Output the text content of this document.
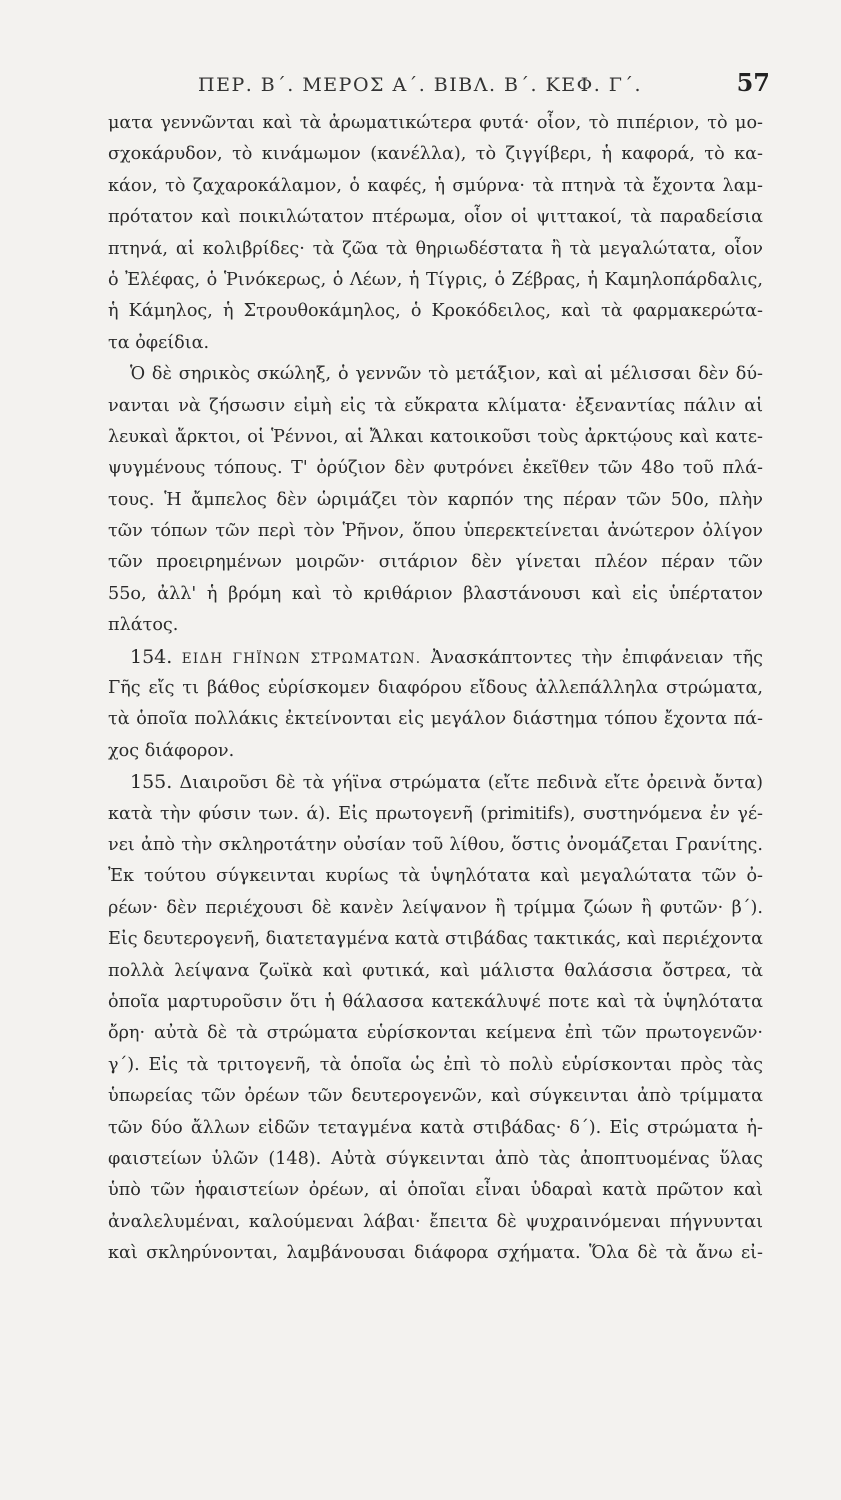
ΠΕΡ. Β΄. ΜΕΡΟΣ Α΄. ΒΙΒΛ. Β΄. ΚΕΦ. Γ΄.	57
ματα γεννῶνται καὶ τὰ ἀρωματικώτερα φυτά· οἷον, τὸ πιπέριον, τὸ μο-
σχοκάρυδον, τὸ κινάμωμον (κανέλλα), τὸ ζιγγίβερι, ἡ καφορά, τὸ κα-
κάον, τὸ ζαχαροκάλαμον, ὁ καφές, ἡ σμύρνα· τὰ πτηνὰ τὰ ἔχοντα λαμ-
πρότατον καὶ ποικιλώτατον πτέρωμα, οἷον οἱ ψιττακοί, τὰ παραδείσια
πτηνά, αἱ κολιβρίδες· τὰ ζῶα τὰ θηριωδέστατα ἢ τὰ μεγαλώτατα, οἷον
ὁ Ἐλέφας, ὁ Ῥινόκερως, ὁ Λέων, ἡ Τίγρις, ὁ Ζέβρας, ἡ Καμηλοπάρδαλις,
ἡ Κάμηλος, ἡ Στρουθοκάμηλος, ὁ Κροκόδειλος, καὶ τὰ φαρμακερώτα-
τα ὀφείδια.
Ὁ δὲ σηρικὸς σκώληξ, ὁ γεννῶν τὸ μετάξιον, καὶ αἱ μέλισσαι δὲν δύ-
νανται νὰ ζήσωσιν εἰμὴ εἰς τὰ εὔκρατα κλίματα· ἐξεναντίας πάλιν αἱ
λευκαὶ ἄρκτοι, οἱ Ῥέννοι, αἱ Ἄλκαι κατοικοῦσι τοὺς ἀρκτῴους καὶ κατε-
ψυγμένους τόπους. Τ' ὀρύζιον δὲν φυτρόνει ἐκεῖθεν τῶν 48ο τοῦ πλά-
τους. Ἡ ἄμπελος δὲν ὡριμάζει τὸν καρπόν της πέραν τῶν 50ο, πλὴν
τῶν τόπων τῶν περὶ τὸν Ῥῆνον, ὅπου ὑπερεκτείνεται ἀνώτερον ὀλίγον
τῶν προειρημένων μοιρῶν· σιτάριον δὲν γίνεται πλέον πέραν τῶν
55ο, ἀλλ' ἡ βρόμη καὶ τὸ κριθάριον βλαστάνουσι καὶ εἰς ὑπέρτατον
πλάτος.
154. ΕΙΔΗ ΓΗΪΝΩΝ ΣΤΡΩΜΑΤΩΝ. Ἀνασκάπτοντες τὴν ἐπιφάνειαν τῆς
Γῆς εἴς τι βάθος εὑρίσκομεν διαφόρου εἴδους ἀλλεπάλληλα στρώματα,
τὰ ὁποῖα πολλάκις ἐκτείνονται εἰς μεγάλον διάστημα τόπου ἔχοντα πά-
χος διάφορον.
155. Διαιροῦσι δὲ τὰ γήϊνα στρώματα (εἴτε πεδινὰ εἴτε ὀρεινὰ ὄντα)
κατὰ τὴν φύσιν των. ά). Εἰς πρωτογενῆ (primitifs), συστηνόμενα ἐν γέ-
νει ἀπὸ τὴν σκληροτάτην οὐσίαν τοῦ λίθου, ὅστις ὀνομάζεται Γρανίτης.
Ἐκ τούτου σύγκεινται κυρίως τὰ ὑψηλότατα καὶ μεγαλώτατα τῶν ὀ-
ρέων· δὲν περιέχουσι δὲ κανὲν λείψανον ἢ τρίμμα ζώων ἢ φυτῶν· β΄).
Εἰς δευτερογενῆ, διατεταγμένα κατὰ στιβάδας τακτικάς, καὶ περιέχοντα
πολλὰ λείψανα ζωϊκὰ καὶ φυτικά, καὶ μάλιστα θαλάσσια ὄστρεα, τὰ
ὁποῖα μαρτυροῦσιν ὅτι ἡ θάλασσα κατεκάλυψέ ποτε καὶ τὰ ὑψηλότατα
ὄρη· αὐτὰ δὲ τὰ στρώματα εὑρίσκονται κείμενα ἐπὶ τῶν πρωτογενῶν·
γ΄). Εἰς τὰ τριτογενῆ, τὰ ὁποῖα ὡς ἐπὶ τὸ πολὺ εὑρίσκονται πρὸς τὰς
ὑπωρείας τῶν ὀρέων τῶν δευτερογενῶν, καὶ σύγκεινται ἀπὸ τρίμματα
τῶν δύο ἄλλων εἰδῶν τεταγμένα κατὰ στιβάδας· δ΄). Εἰς στρώματα ἡ-
φαιστείων ὑλῶν (148). Αὐτὰ σύγκεινται ἀπὸ τὰς ἀποπτυομένας ὕλας
ὑπὸ τῶν ἡφαιστείων ὀρέων, αἱ ὁποῖαι εἶναι ὑδαραὶ κατὰ πρῶτον καὶ
ἀναλελυμέναι, καλούμεναι λάβαι· ἔπειτα δὲ ψυχραινόμεναι πήγνυνται
καὶ σκληρύνονται, λαμβάνουσαι διάφορα σχήματα. Ὅλα δὲ τὰ ἄνω εἰ-
